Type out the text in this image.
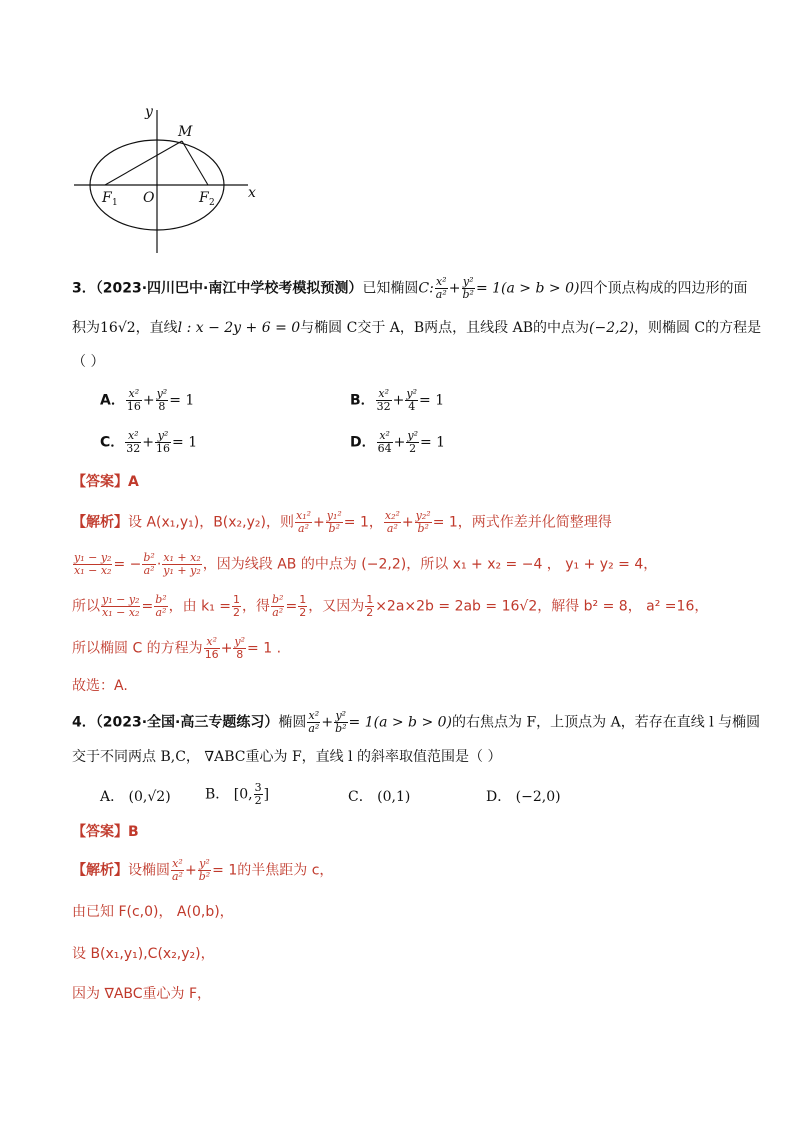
y
M
F 1 O	F 2
x
3．（2023·四川巴中·南江中学校考模拟预测）已知椭圆C: $\frac{\text{x²}}{\text{a²}} + \frac{\text{y²}}{\text{b²}} = 1(a > b > 0)$四个顶点构成的四边形的面
积为16√2，直线l : x − 2y + 6 = 0与椭圆 C交于 A，B两点，且线段 AB的中点为(−2,2)，则椭圆 C的方程是
（ ）
A． $\frac{\text{x²}}{16} + \frac{\text{y²}}{8} = 1$	B． $\frac{\text{x²}}{32} + \frac{\text{y²}}{4} = 1$
C． $\frac{\text{x²}}{32} + \frac{\text{y²}}{16} = 1$	D． $\frac{\text{x²}}{64} + \frac{\text{y²}}{2} = 1$
【答案】A
【解析】设 A(x₁,y₁)，B(x₂,y₂)，则 $\frac{\text{x₁²}}{\text{a²}} + \frac{\text{y₁²}}{\text{b²}} = 1$， $\frac{\text{x₂²}}{\text{a²}} + \frac{\text{y₂²}}{\text{b²}} = 1$，两式作差并化简整理得
$\frac{\text{y₁ − y₂}}{\text{x₁ − x₂}}$ = − $\frac{\text{b²}}{\text{a²}} \cdot \frac{\text{x₁ + x₂}}{\text{y₁ + y₂}}$ ，因为线段 AB 的中点为 (−2,2)，所以 x₁ + x₂ = −4 ， y₁ + y₂ = 4，
所以 $\frac{\text{y₁ − y₂}}{\text{x₁ − x₂}} = \frac{\text{b²}}{\text{a²}}$ ，由 $k_1 = \frac{1}{2}$ ，得 $\frac{\text{b²}}{\text{a²}} = \frac{1}{2}$ ，又因为 $\frac{1}{2} \times 2a\times 2b = 2ab = 16√2$，解得 b² = 8， a² =16，
所以椭圆 C 的方程为 $\frac{\text{x²}}{16} + \frac{\text{y²}}{8} = 1$ .
故选：A.
4．（2023·全国·高三专题练习）椭圆 $\frac{\text{x²}}{\text{a²}} + \frac{\text{y²}}{\text{b²}} = 1(a > b > 0)$的右焦点为 F，上顶点为 A，若存在直线 l 与椭圆
交于不同两点 B,C， ∇ABC重心为 F，直线 l 的斜率取值范围是（ ）
A． (0,√2) B． [0, $\frac{3}{2}$ ]	C． (0,1)	D． (−2,0)
【答案】B
【解析】设椭圆 $\frac{\text{x²}}{\text{a²}} + \frac{\text{y²}}{\text{b²}} = 1$的半焦距为 c，
由已知 F(c,0)， A(0,b)，
设 B(x₁,y₁),C(x₂,y₂)，
因为 ∇ABC重心为 F，
